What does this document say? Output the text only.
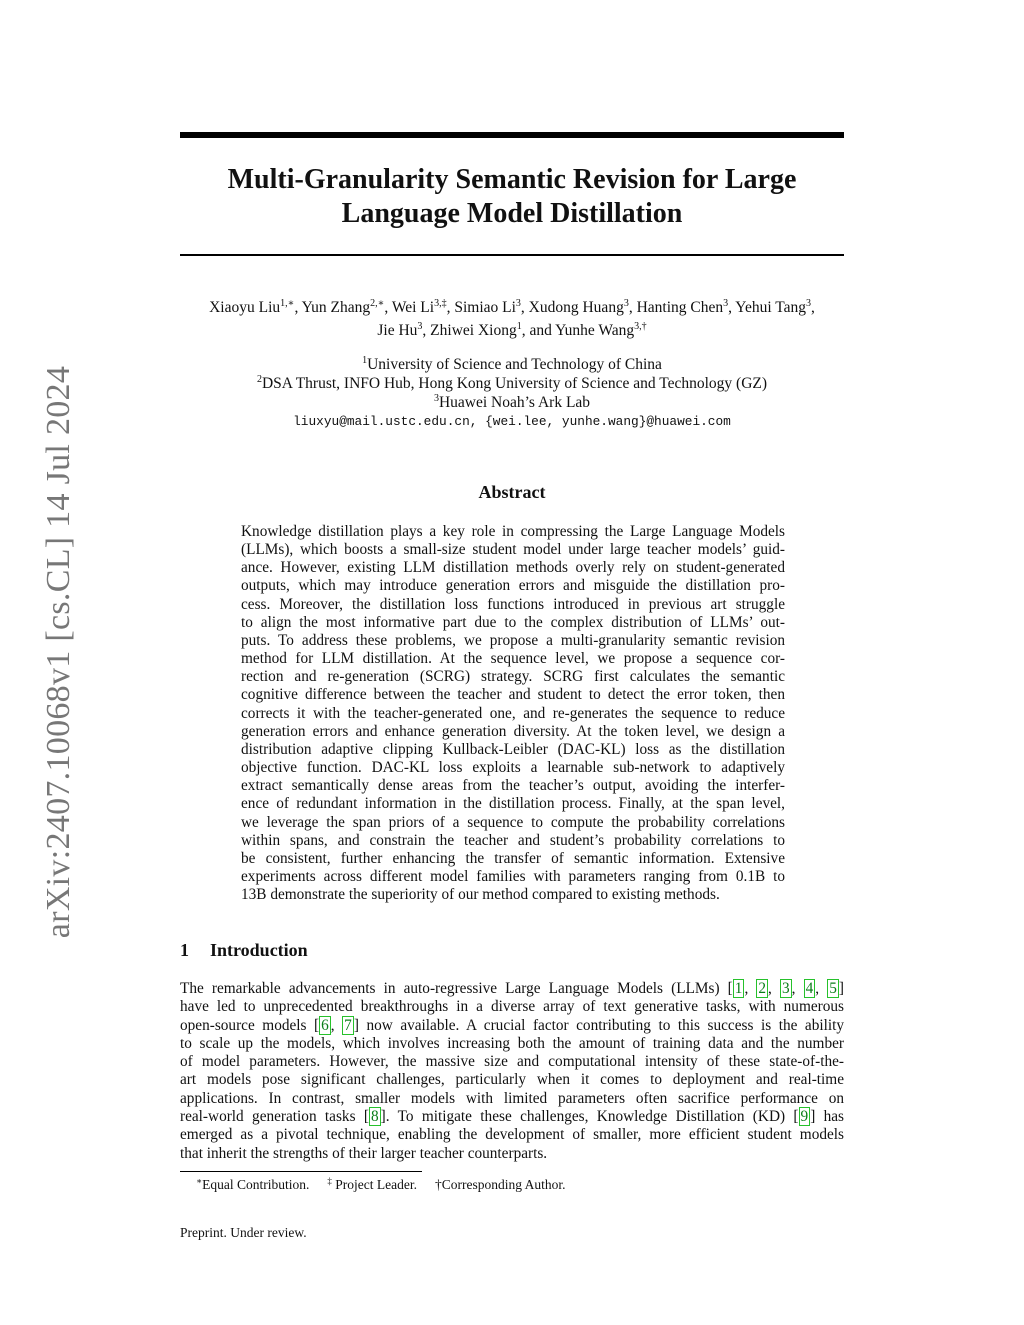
arXiv:2407.10068v1 [cs.CL] 14 Jul 2024
Multi-Granularity Semantic Revision for Large
Language Model Distillation
Xiaoyu Liu$^{1,∗}$, Yun Zhang$^{2,∗}$, Wei $Li^{3,\ddagger}$, Simiao Li$^3$, Xudong Huang$^3$, Hanting Chen$^3$, Yehui Tang$^3$,
Jie Hu$^3$, Zhiwei Xiong$^1$, and Yunhe Wang$^{3,\dagger}$
$^1$University of Science and Technology of China
$^2$DSA Thrust, INFO Hub, Hong Kong University of Science and Technology (GZ)
$^3$Huawei Noah’s Ark Lab
liuxyu@mail.ustc.edu.cn, {wei.lee, yunhe.wang}@huawei.com
Abstract
Knowledge distillation plays a key role in compressing the Large Language Models
(LLMs), which boosts a small-size student model under large teacher models’ guid-
ance. However, existing LLM distillation methods overly rely on student-generated
outputs, which may introduce generation errors and misguide the distillation pro-
cess. Moreover, the distillation loss functions introduced in previous art struggle
to align the most informative part due to the complex distribution of LLMs’ out-
puts. To address these problems, we propose a multi-granularity semantic revision
method for LLM distillation. At the sequence level, we propose a sequence cor-
rection and re-generation (SCRG) strategy. SCRG first calculates the semantic
cognitive difference between the teacher and student to detect the error token, then
corrects it with the teacher-generated one, and re-generates the sequence to reduce
generation errors and enhance generation diversity. At the token level, we design a
distribution adaptive clipping Kullback-Leibler (DAC-KL) loss as the distillation
objective function. DAC-KL loss exploits a learnable sub-network to adaptively
extract semantically dense areas from the teacher’s output, avoiding the interfer-
ence of redundant information in the distillation process. Finally, at the span level,
we leverage the span priors of a sequence to compute the probability correlations
within spans, and constrain the teacher and student’s probability correlations to
be consistent, further enhancing the transfer of semantic information. Extensive
experiments across different model families with parameters ranging from 0.1B to
13B demonstrate the superiority of our method compared to existing methods.
1 Introduction
The remarkable advancements in auto-regressive Large Language Models (LLMs) [ 1 , 2 , 3 , 4 , 5 ]
have led to unprecedented breakthroughs in a diverse array of text generative tasks, with numerous
open-source models [ 6 , 7 ] now available. A crucial factor contributing to this success is the ability
to scale up the models, which involves increasing both the amount of training data and the number
of model parameters. However, the massive size and computational intensity of these state-of-the-
art models pose significant challenges, particularly when it comes to deployment and real-time
applications. In contrast, smaller models with limited parameters often sacrifice performance on
real-world generation tasks [ 8 ]. To mitigate these challenges, Knowledge Distillation (KD) [ 9 ] has
emerged as a pivotal technique, enabling the development of smaller, more efficient student models
that inherit the strengths of their larger teacher counterparts.
∗Equal Contribution. ‡ Project Leader. †Corresponding Author.
Preprint. Under review.
